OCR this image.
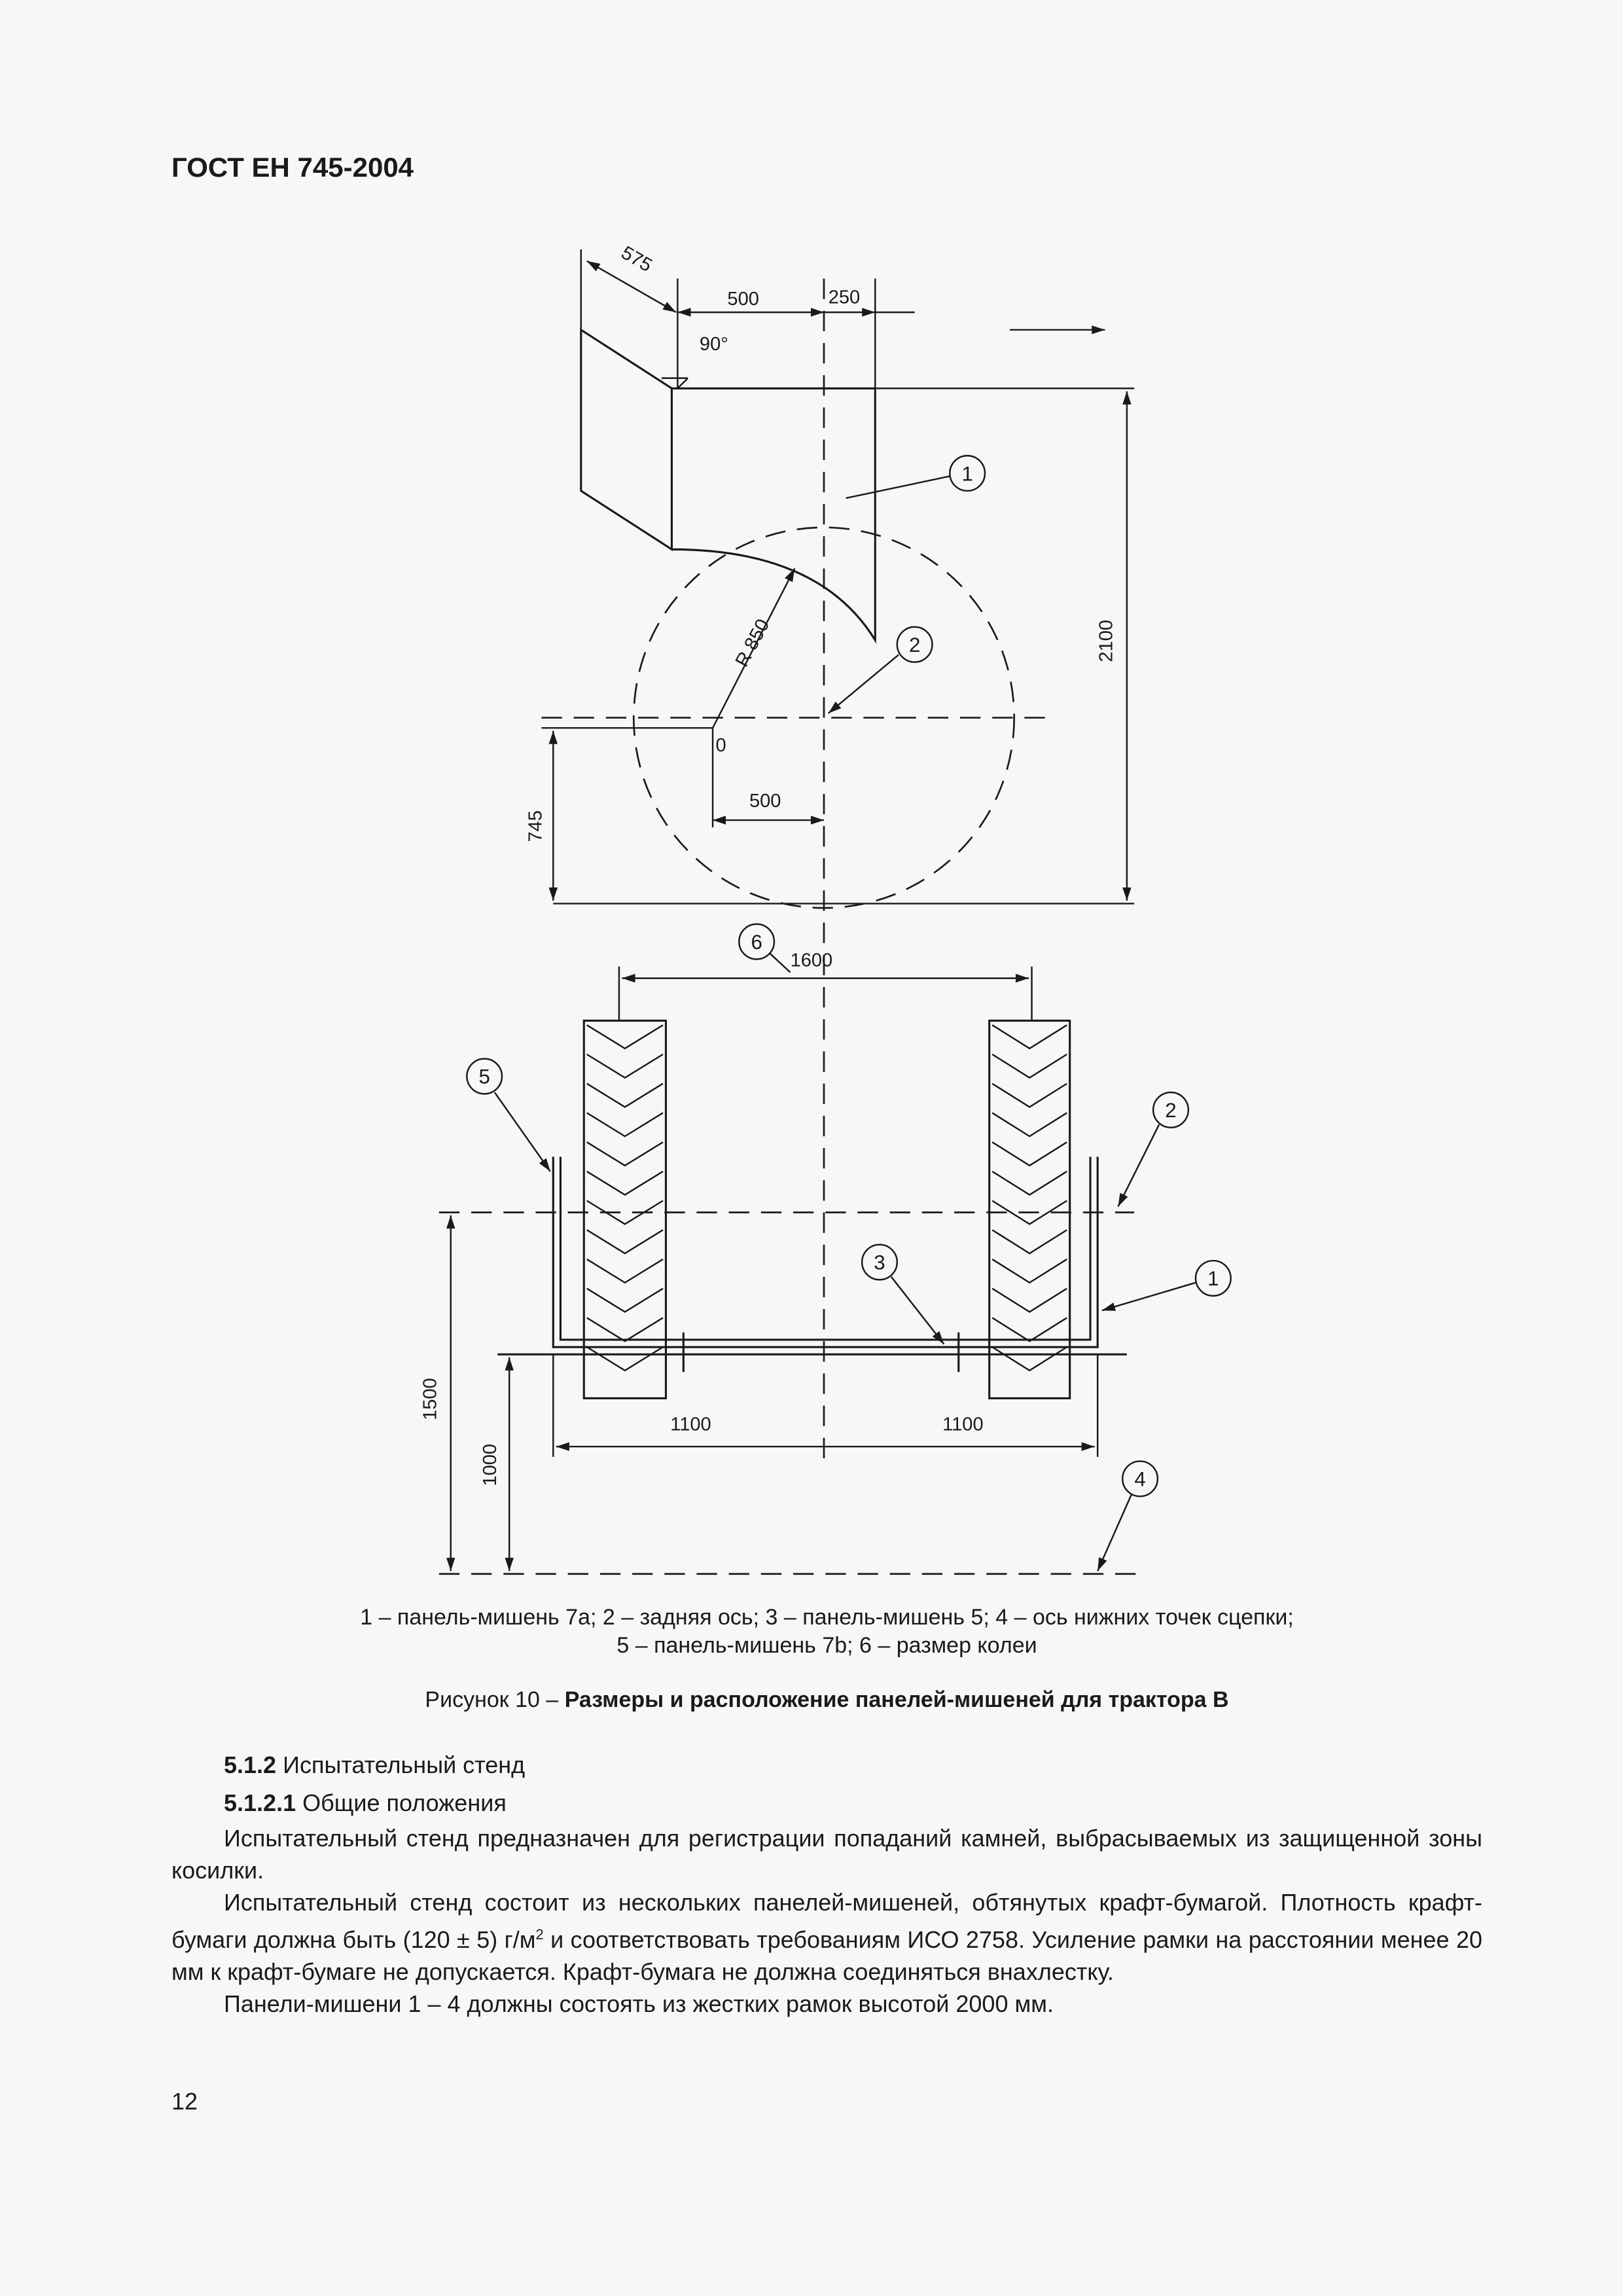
ГОСТ ЕН 745-2004
575
500	250
90°
R 850
0
500
745
2100
1
2
6
1600
1100	1100
1500
1000
5
2
1
3
4
1 – панель-мишень 7а; 2 – задняя ось; 3 – панель-мишень 5; 4 – ось нижних точек сцепки;
5 – панель-мишень 7b; 6 – размер колеи
Рисунок 10 – Размеры и расположение панелей-мишеней для трактора В

5.1.2 Испытательный стенд

5.1.2.1 Общие положения

Испытательный стенд предназначен для регистрации попаданий камней, выбрасываемых из защищенной зоны косилки.

Испытательный стенд состоит из нескольких панелей-мишеней, обтянутых крафт-бумагой. Плотность крафт-бумаги должна быть (120 ± 5) $г/м^2$ и соответствовать требованиям ИСО 2758. Усиление рамки на расстоянии менее 20 мм к крафт-бумаге не допускается. Крафт-бумага не должна соединяться внахлестку.

Панели-мишени 1 – 4 должны состоять из жестких рамок высотой 2000 мм.

12
